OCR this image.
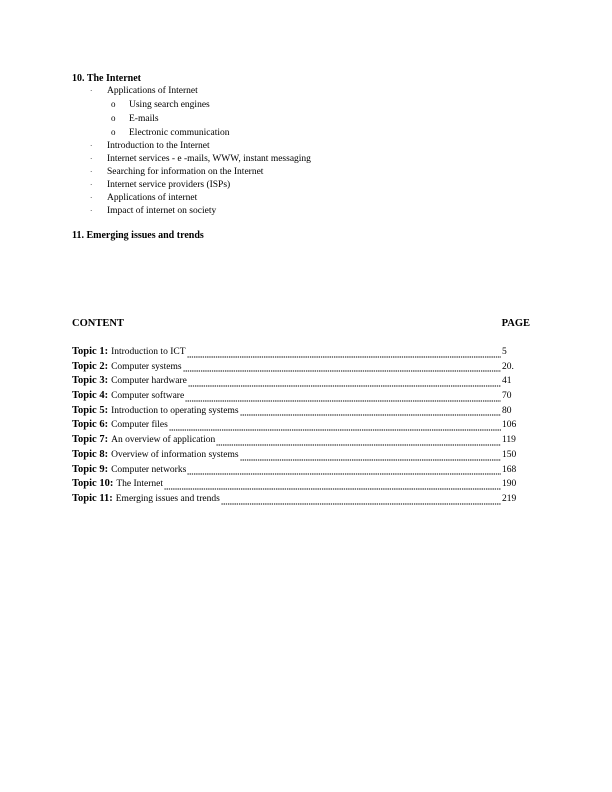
10. The Internet
·	Applications of Internet
o	Using search engines
o	E-mails
o	Electronic communication
·	Introduction to the Internet
·	Internet services - e -mails, WWW, instant messaging
·	Searching for information on the Internet
·	Internet service providers (ISPs)
·	Applications of internet
·	Impact of internet on society
11. Emerging issues and trends
CONTENT	PAGE
Topic 1: Introduction to ICT	5
Topic 2: Computer systems	20.
Topic 3: Computer hardware	41
Topic 4: Computer software	70
Topic 5: Introduction to operating systems	80
Topic 6: Computer files	106
Topic 7: An overview of application	119
Topic 8: Overview of information systems	150
Topic 9: Computer networks	168
Topic 10: The Internet	190
Topic 11: Emerging issues and trends	219
